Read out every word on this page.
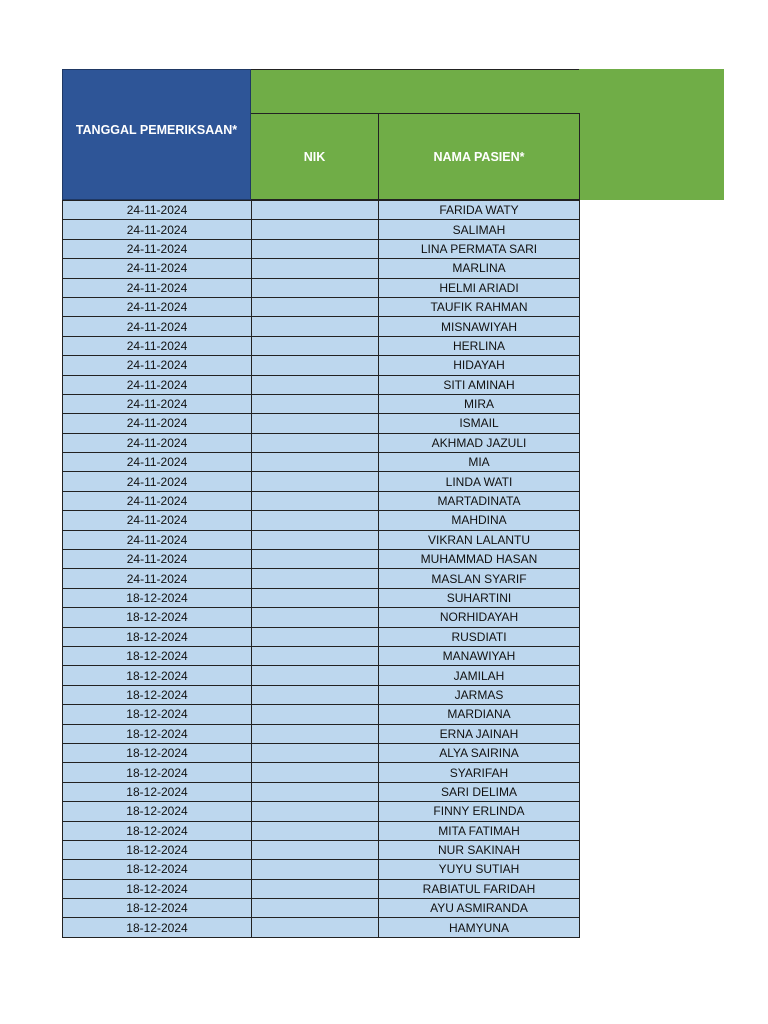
TANGGAL PEMERIKSAAN*
NIK	NAMA PASIEN*
24-11-2024		FARIDA WATY
24-11-2024		SALIMAH
24-11-2024		LINA PERMATA SARI
24-11-2024		MARLINA
24-11-2024		HELMI ARIADI
24-11-2024		TAUFIK RAHMAN
24-11-2024		MISNAWIYAH
24-11-2024		HERLINA
24-11-2024		HIDAYAH
24-11-2024		SITI AMINAH
24-11-2024		MIRA
24-11-2024		ISMAIL
24-11-2024		AKHMAD JAZULI
24-11-2024		MIA
24-11-2024		LINDA WATI
24-11-2024		MARTADINATA
24-11-2024		MAHDINA
24-11-2024		VIKRAN LALANTU
24-11-2024		MUHAMMAD HASAN
24-11-2024		MASLAN SYARIF
18-12-2024		SUHARTINI
18-12-2024		NORHIDAYAH
18-12-2024		RUSDIATI
18-12-2024		MANAWIYAH
18-12-2024		JAMILAH
18-12-2024		JARMAS
18-12-2024		MARDIANA
18-12-2024		ERNA JAINAH
18-12-2024		ALYA SAIRINA
18-12-2024		SYARIFAH
18-12-2024		SARI DELIMA
18-12-2024		FINNY ERLINDA
18-12-2024		MITA FATIMAH
18-12-2024		NUR SAKINAH
18-12-2024		YUYU SUTIAH
18-12-2024		RABIATUL FARIDAH
18-12-2024		AYU ASMIRANDA
18-12-2024		HAMYUNA
